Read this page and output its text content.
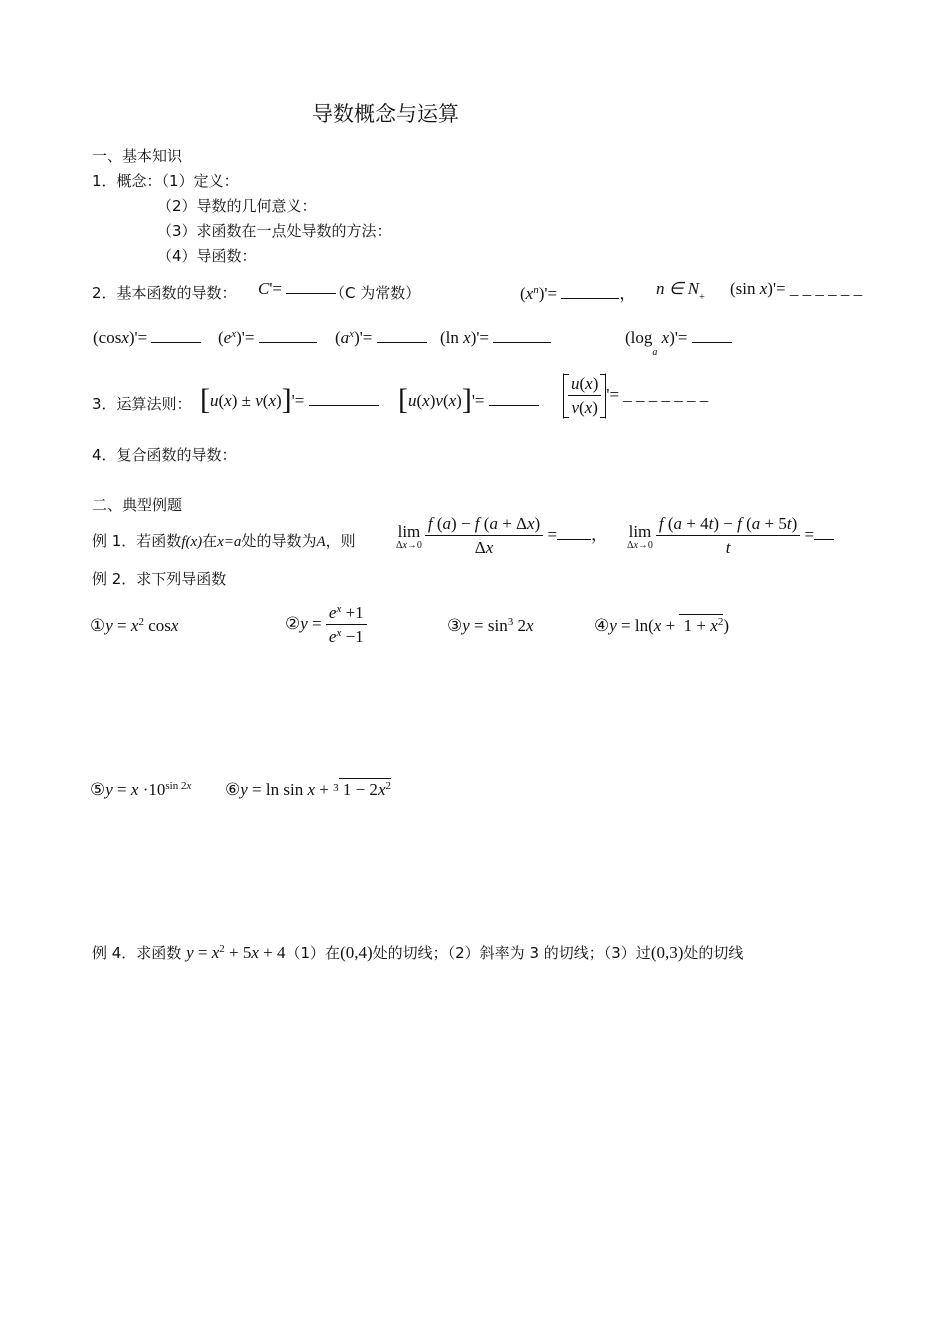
导数概念与运算
一、基本知识
1．概念：（1）定义：
（2）导数的几何意义：
（3）求函数在一点处导数的方法：
（4）导函数：
2．基本函数的导数： C'=	（C 为常数）	$(x^n)'=$	， n ∈ $N_+$ (sin x)'= _ _ _ _ _ _
(cosx)'=	$(e^x)'=$	$(a^x)'=$	(ln x)'=	($\log_a$ x)'=
3．运算法则： [u(x) ± v(x)]'=	[u(x)v(x)]'=	$\frac{u(x)}{v(x)}$ '= _ _ _ _ _ _ _
4．复合函数的导数：
二、典型例题
例 1．若函数f(x)在x=a处的导数为A，则
lim
$\Delta x\to 0 \frac{f (a) - f (a + \Delta x)}{\Delta x}$ = ， lim
$\Delta x\to 0 \frac{f (a + 4t) - f (a + 5t)}{t}$ =
例 2．求下列导函数
①y = $x^2$ cosx	②y = $\frac{e^x +1}{e^x -1}$	③y = $\sin^3 2x$	④y = $\ln(x + 1 + x^2)$
⑤y = $x \cdot 10^{sin 2x}$ ⑥y = ln sin x + $^3$ $1 - 2x^2$
例 4．求函数 $y = x^2 + 5x + 4(1)$在(0,4)处的切线；（2）斜率为 3 的切线；（3）过(0,3)处的切线
